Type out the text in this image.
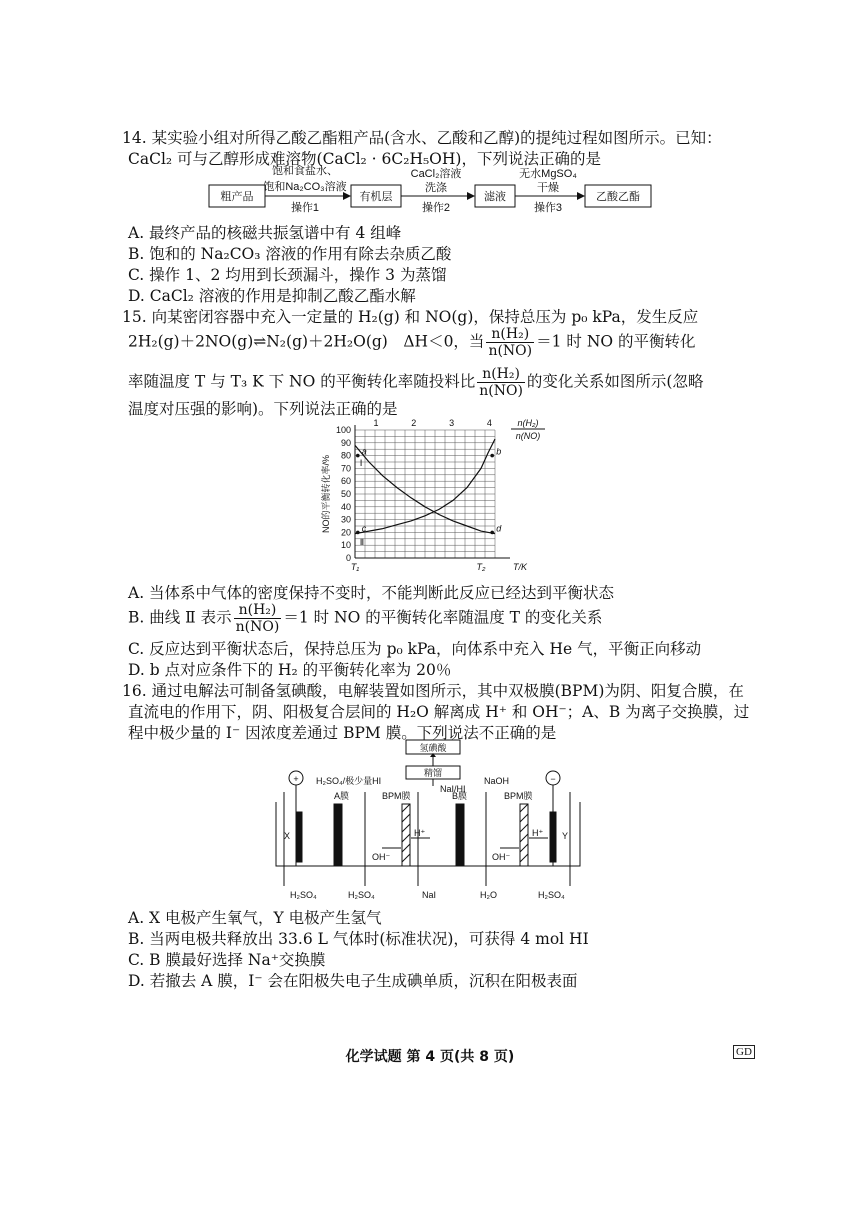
14. 某实验小组对所得乙酸乙酯粗产品(含水、乙酸和乙醇)的提纯过程如图所示。已知：
CaCl₂ 可与乙醇形成难溶物(CaCl₂ · 6C₂H₅OH)，下列说法正确的是
粗产品
饱和食盐水、
饱和Na₂CO₃溶液
操作1
有机层
CaCl₂溶液
洗涤
操作2
滤液
无水MgSO₄
干燥
操作3
乙酸乙酯
A. 最终产品的核磁共振氢谱中有 4 组峰
B. 饱和的 Na₂CO₃ 溶液的作用有除去杂质乙酸
C. 操作 1、2 均用到长颈漏斗，操作 3 为蒸馏
D. CaCl₂ 溶液的作用是抑制乙酸乙酯水解
15. 向某密闭容器中充入一定量的 H₂(g) 和 NO(g)，保持总压为 p₀ kPa，发生反应
2H₂(g)＋2NO(g)⇌N₂(g)＋2H₂O(g)　ΔH＜0，当 $\frac{\text{n(H₂)}}{n(NO)} =1$ 时 NO 的平衡转化
率随温度 T 与 T₃ K 下 NO 的平衡转化率随投料比 $\frac{\text{n(H₂)}}{n(NO)}$ 的变化关系如图所示(忽略
温度对压强的影响)。下列说法正确的是
0
10
20
30
40
50
60
70
80
90
100
1	2	3	4	n(H₂)
n(NO)
T₁	T₂	T/K
NO的平衡转化率/%
a	b
c	d
Ⅰ
Ⅱ
A. 当体系中气体的密度保持不变时，不能判断此反应已经达到平衡状态
B. 曲线 Ⅱ 表示 $\frac{\text{n(H₂)}}{n(NO)} =1$ 时 NO 的平衡转化率随温度 T 的变化关系
C. 反应达到平衡状态后，保持总压为 p₀ kPa，向体系中充入 He 气，平衡正向移动
D. b 点对应条件下的 H₂ 的平衡转化率为 20％
16. 通过电解法可制备氢碘酸，电解装置如图所示，其中双极膜(BPM)为阴、阳复合膜，在
直流电的作用下，阴、阳极复合层间的 H₂O 解离成 H⁺ 和 OH⁻；A、B 为离子交换膜，过
程中极少量的 I⁻ 因浓度差通过 BPM 膜。下列说法不正确的是
氢碘酸
精馏
+	−
H₂SO₄/极少量HI
NaI/HI
NaOH
A膜	BPM膜	B膜	BPM膜
X	Y
H⁺
OH⁻
H⁺
OH⁻
H₂SO₄	H₂SO₄	NaI	H₂O	H₂SO₄
A. X 电极产生氧气，Y 电极产生氢气
B. 当两电极共释放出 33.6 L 气体时(标准状况)，可获得 4 mol HI
C. B 膜最好选择 Na⁺交换膜
D. 若撤去 A 膜，I⁻ 会在阳极失电子生成碘单质，沉积在阳极表面
化学试题 第 4 页(共 8 页)	GD
